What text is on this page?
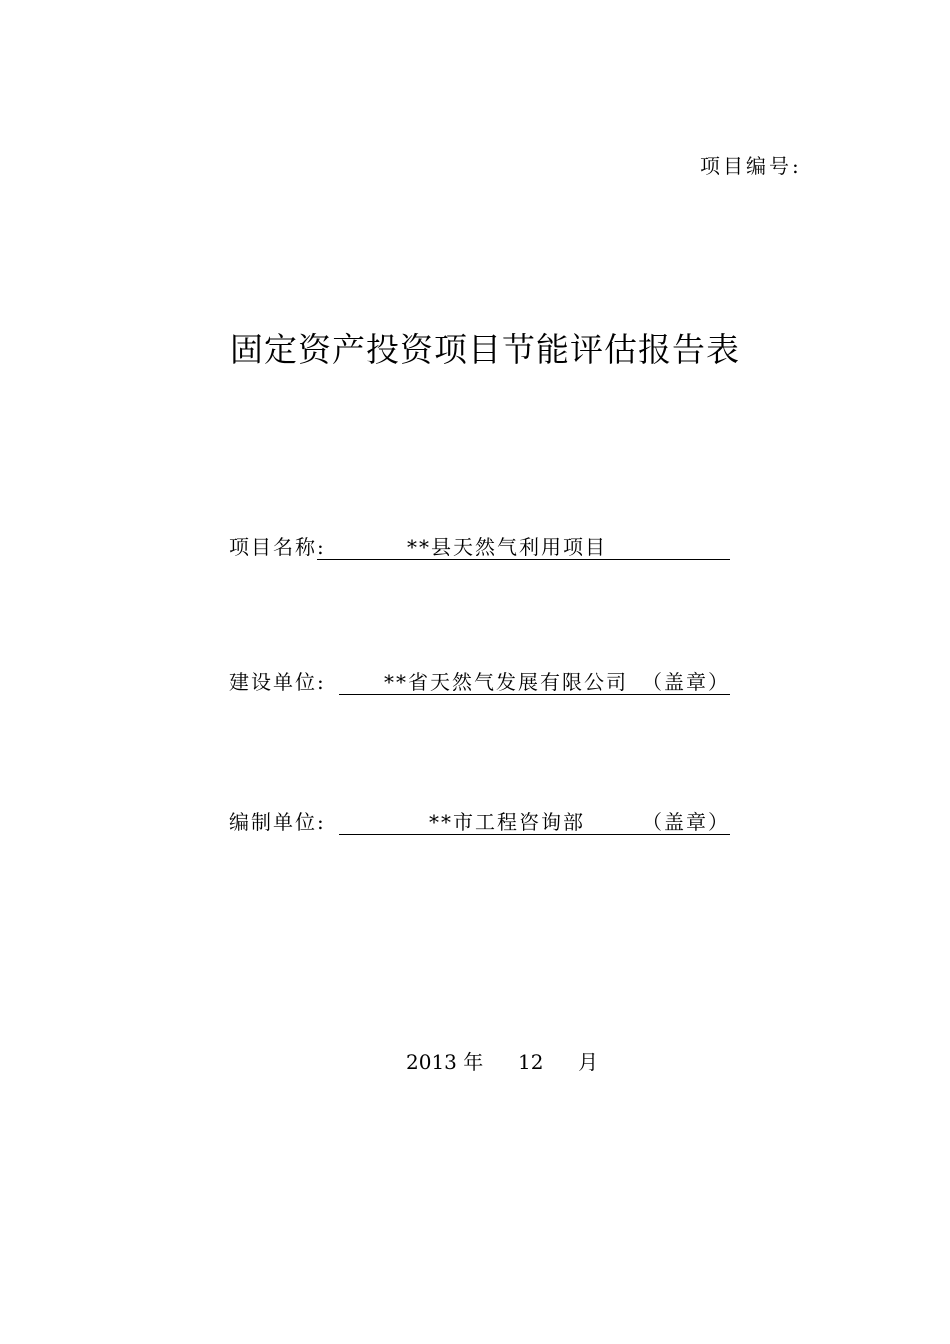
项目编号:
固定资产投资项目节能评估报告表
项目名称:	**县天然气利用项目
建设单位:	**省天然气发展有限公司 （盖章）
编制单位:	**市工程咨询部	（盖章）
2013 年 12 月
